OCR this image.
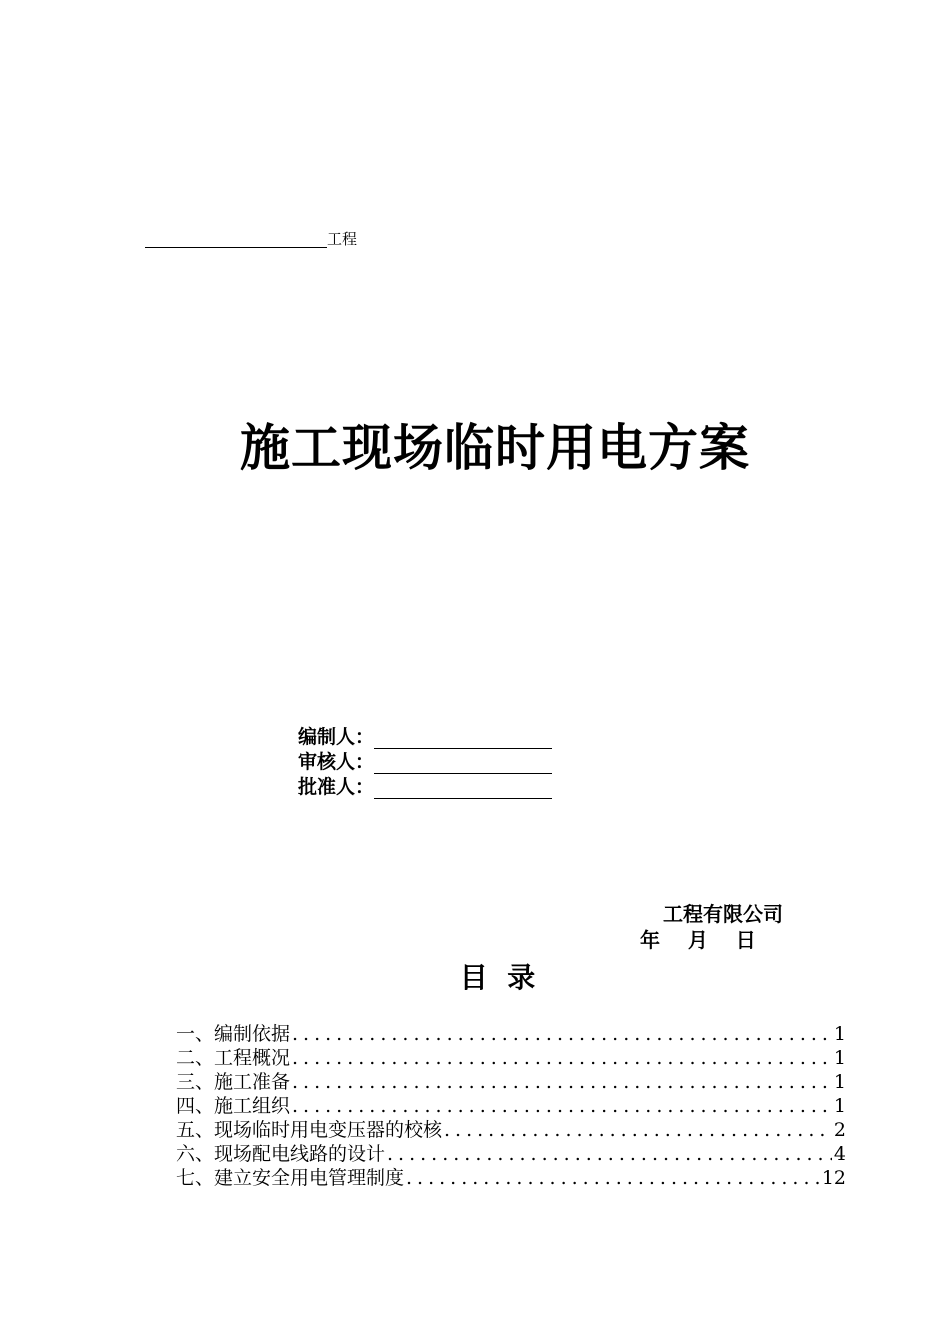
工程
施工现场临时用电方案
编制人：
审核人：
批准人：
工程有限公司
年    月    日
目  录
一、编制依据 .....	1
二、工程概况 .....	1
三、施工准备 .....	1
四、施工组织 .....	1
五、现场临时用电变压器的校核 .....	2
六、现场配电线路的设计 .....	4
七、建立安全用电管理制度 .....	12
